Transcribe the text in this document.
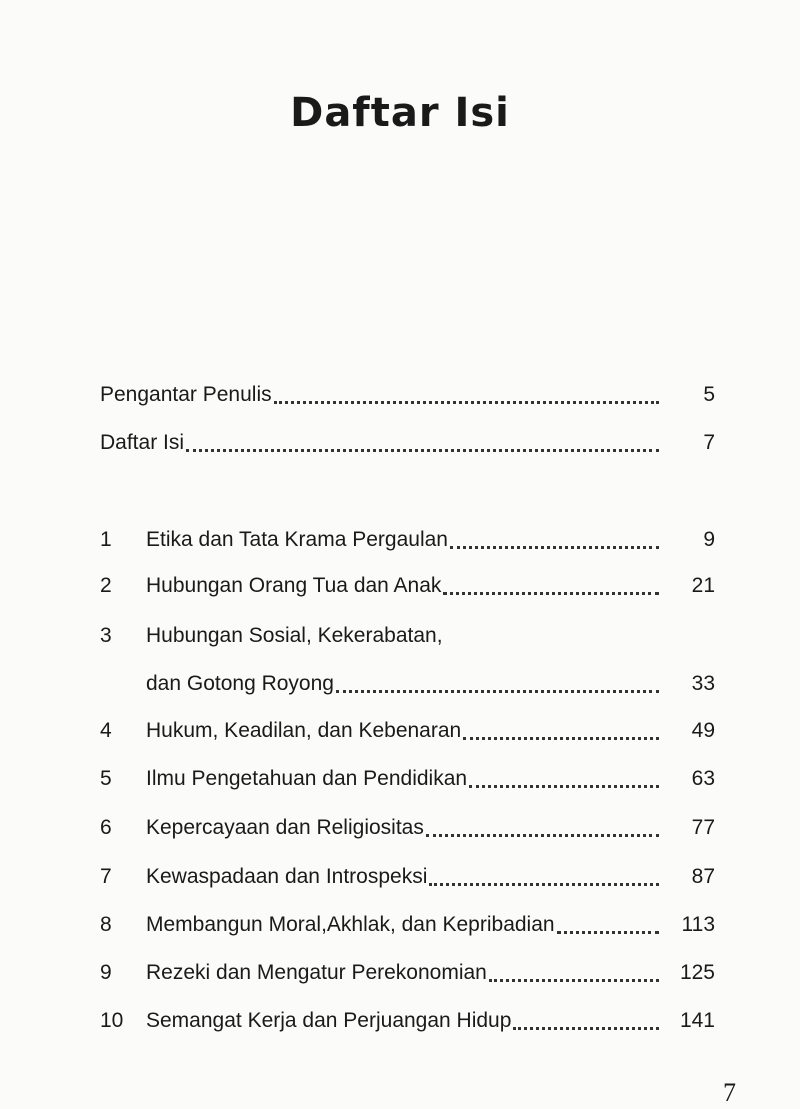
Daftar Isi
Pengantar Penulis	5
Daftar Isi	7
1	Etika dan Tata Krama Pergaulan	9
2	Hubungan Orang Tua dan Anak	21
3	Hubungan Sosial, Kekerabatan,
dan Gotong Royong	33
4	Hukum, Keadilan, dan Kebenaran	49
5	Ilmu Pengetahuan dan Pendidikan	63
6	Kepercayaan dan Religiositas	77
7	Kewaspadaan dan Introspeksi	87
8	Membangun Moral,Akhlak, dan Kepribadian	113
9	Rezeki dan Mengatur Perekonomian	125
10	Semangat Kerja dan Perjuangan Hidup	141
7
